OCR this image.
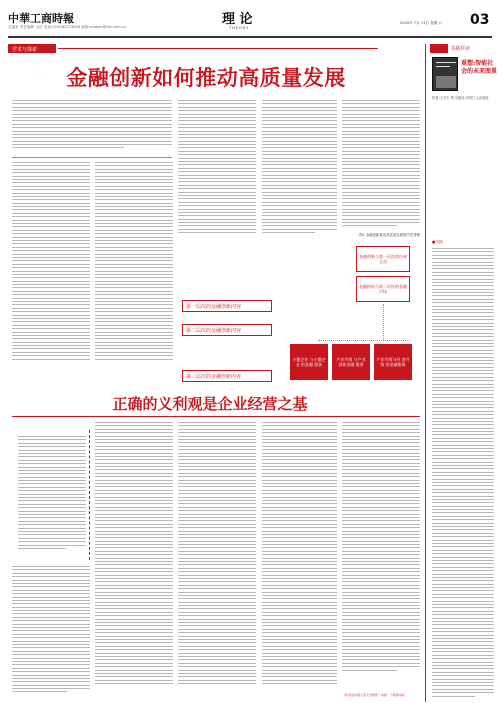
中華工商時報
总编室 责任编辑 山岳 电话:(010)82273056 邮箱:shidian@cbt.com.cn	理 论
THEORY
2020年 7月 11日 星期 六 03
学术与探索
金融创新如何推动高质量发展
第一层次的金融创新内容
第二层次的金融创新内容
第三层次的金融创新内容
金融创新与第一层次的内部互动
金融机构与第二层次的金融市场
小微企业 与小微企业 的金融 服务
产业升级 与产业 创新金融 服务
产业升级与经 济升级 的金融服务
图1 金融创新推动高质量发展的内在逻辑
正确的义利观是企业经营之基
（作者系中国人民大学教授 / 来源：下转第3版）
书摘荐读
重塑:智能社会的未来图景
作者:王天夫 等 出版社:中国工人出版社
■书摘
